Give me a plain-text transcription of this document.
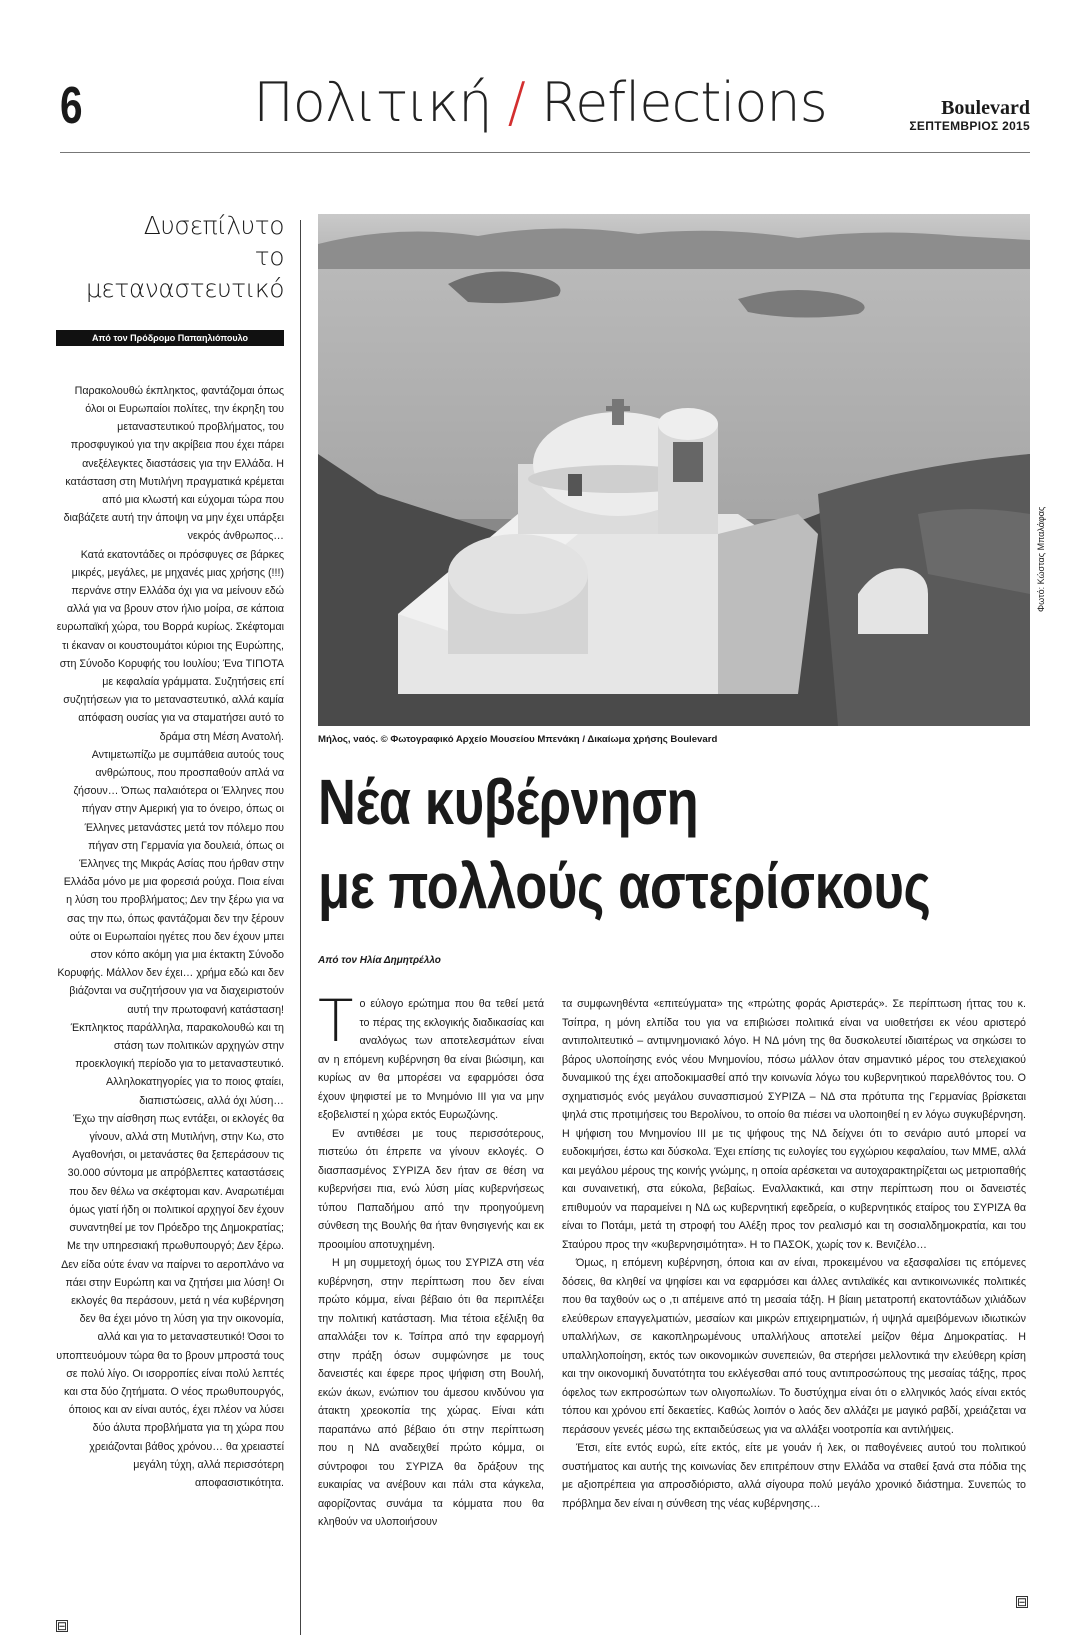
6	Πολιτική / Reflections	Boulevard
ΣΕΠΤΕΜΒΡΙΟΣ 2015
Δυσεπίλυτο
το μεταναστευτικό
Από τον Πρόδρομο Παπαηλιόπουλο

Παρακολουθώ έκπληκτος, φαντάζομαι όπως όλοι οι Ευρωπαίοι πολίτες, την έκρηξη του μεταναστευτικού προβλήματος, του προσφυγικού για την ακρίβεια που έχει πάρει ανεξέλεγκτες διαστάσεις για την Ελλάδα. Η κατάσταση στη Μυτιλήνη πραγματικά κρέμεται από μια κλωστή και εύχομαι τώρα που διαβάζετε αυτή την άποψη να μην έχει υπάρξει νεκρός άνθρωπος…

Κατά εκατοντάδες οι πρόσφυγες σε βάρκες μικρές, μεγάλες, με μηχανές μιας χρήσης (!!!) περνάνε στην Ελλάδα όχι για να μείνουν εδώ αλλά για να βρουν στον ήλιο μοίρα, σε κάποια ευρωπαϊκή χώρα, του Βορρά κυρίως. Σκέφτομαι τι έκαναν οι κουστουμάτοι κύριοι της Ευρώπης, στη Σύνοδο Κορυφής του Ιουλίου; Ένα ΤΙΠΟΤΑ με κεφαλαία γράμματα. Συζητήσεις επί συζητήσεων για το μεταναστευτικό, αλλά καμία απόφαση ουσίας για να σταματήσει αυτό το δράμα στη Μέση Ανατολή.

Αντιμετωπίζω με συμπάθεια αυτούς τους ανθρώπους, που προσπαθούν απλά να ζήσουν… Όπως παλαιότερα οι Έλληνες που πήγαν στην Αμερική για το όνειρο, όπως οι Έλληνες μετανάστες μετά τον πόλεμο που πήγαν στη Γερμανία για δουλειά, όπως οι Έλληνες της Μικράς Ασίας που ήρθαν στην Ελλάδα μόνο με μια φορεσιά ρούχα. Ποια είναι η λύση του προβλήματος; Δεν την ξέρω για να σας την πω, όπως φαντάζομαι δεν την ξέρουν ούτε οι Ευρωπαίοι ηγέτες που δεν έχουν μπει στον κόπο ακόμη για μια έκτακτη Σύνοδο Κορυφής. Μάλλον δεν έχει… χρήμα εδώ και δεν βιάζονται να συζητήσουν για να διαχειριστούν αυτή την πρωτοφανή κατάσταση!

Έκπληκτος παράλληλα, παρακολουθώ και τη στάση των πολιτικών αρχηγών στην προεκλογική περίοδο για το μεταναστευτικό. Αλληλοκατηγορίες για το ποιος φταίει, διαπιστώσεις, αλλά όχι λύση…

Έχω την αίσθηση πως εντάξει, οι εκλογές θα γίνουν, αλλά στη Μυτιλήνη, στην Κω, στο Αγαθονήσι, οι μετανάστες θα ξεπεράσουν τις 30.000 σύντομα με απρόβλεπτες καταστάσεις που δεν θέλω να σκέφτομαι καν. Αναρωτιέμαι όμως γιατί ήδη οι πολιτικοί αρχηγοί δεν έχουν συναντηθεί με τον Πρόεδρο της Δημοκρατίας; Με την υπηρεσιακή πρωθυπουργό; Δεν ξέρω. Δεν είδα ούτε έναν να παίρνει το αεροπλάνο να πάει στην Ευρώπη και να ζητήσει μια λύση! Οι εκλογές θα περάσουν, μετά η νέα κυβέρνηση δεν θα έχει μόνο τη λύση για την οικονομία, αλλά και για το μεταναστευτικό! Όσοι το υποπτευόμουν τώρα θα το βρουν μπροστά τους σε πολύ λίγο. Οι ισορροπίες είναι πολύ λεπτές και στα δύο ζητήματα. Ο νέος πρωθυπουργός, όποιος και αν είναι αυτός, έχει πλέον να λύσει δύο άλυτα προβλήματα για τη χώρα που χρειάζονται βάθος χρόνου… θα χρειαστεί μεγάλη τύχη, αλλά περισσότερη αποφασιστικότητα.

⊟
Φωτό: Κώστας Μπαλάφας
Μήλος, ναός. © Φωτογραφικό Αρχείο Μουσείου Μπενάκη / Δικαίωμα χρήσης Boulevard
Νέα κυβέρνηση
με πολλούς αστερίσκους
Από τον Ηλία Δημητρέλλο

Το εύλογο ερώτημα που θα τεθεί μετά το πέρας της εκλογικής διαδικασίας και αναλόγως των αποτελεσμάτων είναι αν η επόμενη κυβέρνηση θα είναι βιώσιμη, και κυρίως αν θα μπορέσει να εφαρμόσει όσα έχουν ψηφιστεί με το Μνημόνιο ΙΙΙ για να μην εξοβελιστεί η χώρα εκτός Ευρωζώνης.

Εν αντιθέσει με τους περισσότερους, πιστεύω ότι έπρεπε να γίνουν εκλογές. Ο διασπασμένος ΣΥΡΙΖΑ δεν ήταν σε θέση να κυβερνήσει πια, ενώ λύση μίας κυβερνήσεως τύπου Παπαδήμου από την προηγούμενη σύνθεση της Βουλής θα ήταν θνησιγενής και εκ προοιμίου αποτυχημένη.

Η μη συμμετοχή όμως του ΣΥΡΙΖΑ στη νέα κυβέρνηση, στην περίπτωση που δεν είναι πρώτο κόμμα, είναι βέβαιο ότι θα περιπλέξει την πολιτική κατάσταση. Μια τέτοια εξέλιξη θα απαλλάξει τον κ. Τσίπρα από την εφαρμογή στην πράξη όσων συμφώνησε με τους δανειστές και έφερε προς ψήφιση στη Βουλή, εκών άκων, ενώπιον του άμεσου κινδύνου για άτακτη χρεοκοπία της χώρας. Είναι κάτι παραπάνω από βέβαιο ότι στην περίπτωση που η ΝΔ αναδειχθεί πρώτο κόμμα, οι σύντροφοι του ΣΥΡΙΖΑ θα δράξουν της ευκαιρίας να ανέβουν και πάλι στα κάγκελα, αφορίζοντας συνάμα τα κόμματα που θα κληθούν να υλοποιήσουν

τα συμφωνηθέντα «επιτεύγματα» της «πρώτης φοράς Αριστεράς». Σε περίπτωση ήττας του κ. Τσίπρα, η μόνη ελπίδα του για να επιβιώσει πολιτικά είναι να υιοθετήσει εκ νέου αριστερό αντιπολιτευτικό – αντιμνημονιακό λόγο. Η ΝΔ μόνη της θα δυσκολευτεί ιδιαιτέρως να σηκώσει το βάρος υλοποίησης ενός νέου Μνημονίου, πόσω μάλλον όταν σημαντικό μέρος του στελεχιακού δυναμικού της έχει αποδοκιμασθεί από την κοινωνία λόγω του κυβερνητικού παρελθόντος του. Ο σχηματισμός ενός μεγάλου συνασπισμού ΣΥΡΙΖΑ – ΝΔ στα πρότυπα της Γερμανίας βρίσκεται ψηλά στις προτιμήσεις του Βερολίνου, το οποίο θα πιέσει να υλοποιηθεί η εν λόγω συγκυβέρνηση. Η ψήφιση του Μνημονίου ΙΙΙ με τις ψήφους της ΝΔ δείχνει ότι το σενάριο αυτό μπορεί να ευδοκιμήσει, έστω και δύσκολα. Έχει επίσης τις ευλογίες του εγχώριου κεφαλαίου, των ΜΜΕ, αλλά και μεγάλου μέρους της κοινής γνώμης, η οποία αρέσκεται να αυτοχαρακτηρίζεται ως μετριοπαθής και συναινετική, στα εύκολα, βεβαίως. Εναλλακτικά, και στην περίπτωση που οι δανειστές επιθυμούν να παραμείνει η ΝΔ ως κυβερνητική εφεδρεία, ο κυβερνητικός εταίρος του ΣΥΡΙΖΑ θα είναι το Ποτάμι, μετά τη στροφή του Αλέξη προς τον ρεαλισμό και τη σοσιαλδημοκρατία, και του Σταύρου προς την «κυβερνησιμότητα». Η το ΠΑΣΟΚ, χωρίς τον κ. Βενιζέλο…

Όμως, η επόμενη κυβέρνηση, όποια και αν είναι, προκειμένου να εξασφαλίσει τις επόμενες δόσεις, θα κληθεί να ψηφίσει και να εφαρμόσει και άλλες αντιλαϊκές και αντικοινωνικές πολιτικές που θα ταχθούν ως ο ,τι απέμεινε από τη μεσαία τάξη. Η βίαιη μετατροπή εκατοντάδων χιλιάδων ελεύθερων επαγγελματιών, μεσαίων και μικρών επιχειρηματιών, ή υψηλά αμειβόμενων ιδιωτικών υπαλλήλων, σε κακοπληρωμένους υπαλλήλους αποτελεί μείζον θέμα Δημοκρατίας. Η υπαλληλοποίηση, εκτός των οικονομικών συνεπειών, θα στερήσει μελλοντικά την ελεύθερη κρίση και την οικονομική δυνατότητα του εκλέγεσθαι από τους αντιπροσώπους της μεσαίας τάξης, προς όφελος των εκπροσώπων των ολιγοπωλίων. Το δυστύχημα είναι ότι ο ελληνικός λαός είναι εκτός τόπου και χρόνου επί δεκαετίες. Καθώς λοιπόν ο λαός δεν αλλάζει με μαγικό ραβδί, χρειάζεται να περάσουν γενεές μέσω της εκπαιδεύσεως για να αλλάξει νοοτροπία και αντιλήψεις.

Έτσι, είτε εντός ευρώ, είτε εκτός, είτε με γουάν ή λεκ, οι παθογένειες αυτού του πολιτικού συστήματος και αυτής της κοινωνίας δεν επιτρέπουν στην Ελλάδα να σταθεί ξανά στα πόδια της με αξιοπρέπεια για απροσδιόριστο, αλλά σίγουρα πολύ μεγάλο χρονικό διάστημα. Συνεπώς το πρόβλημα δεν είναι η σύνθεση της νέας κυβέρνησης…

⊟
